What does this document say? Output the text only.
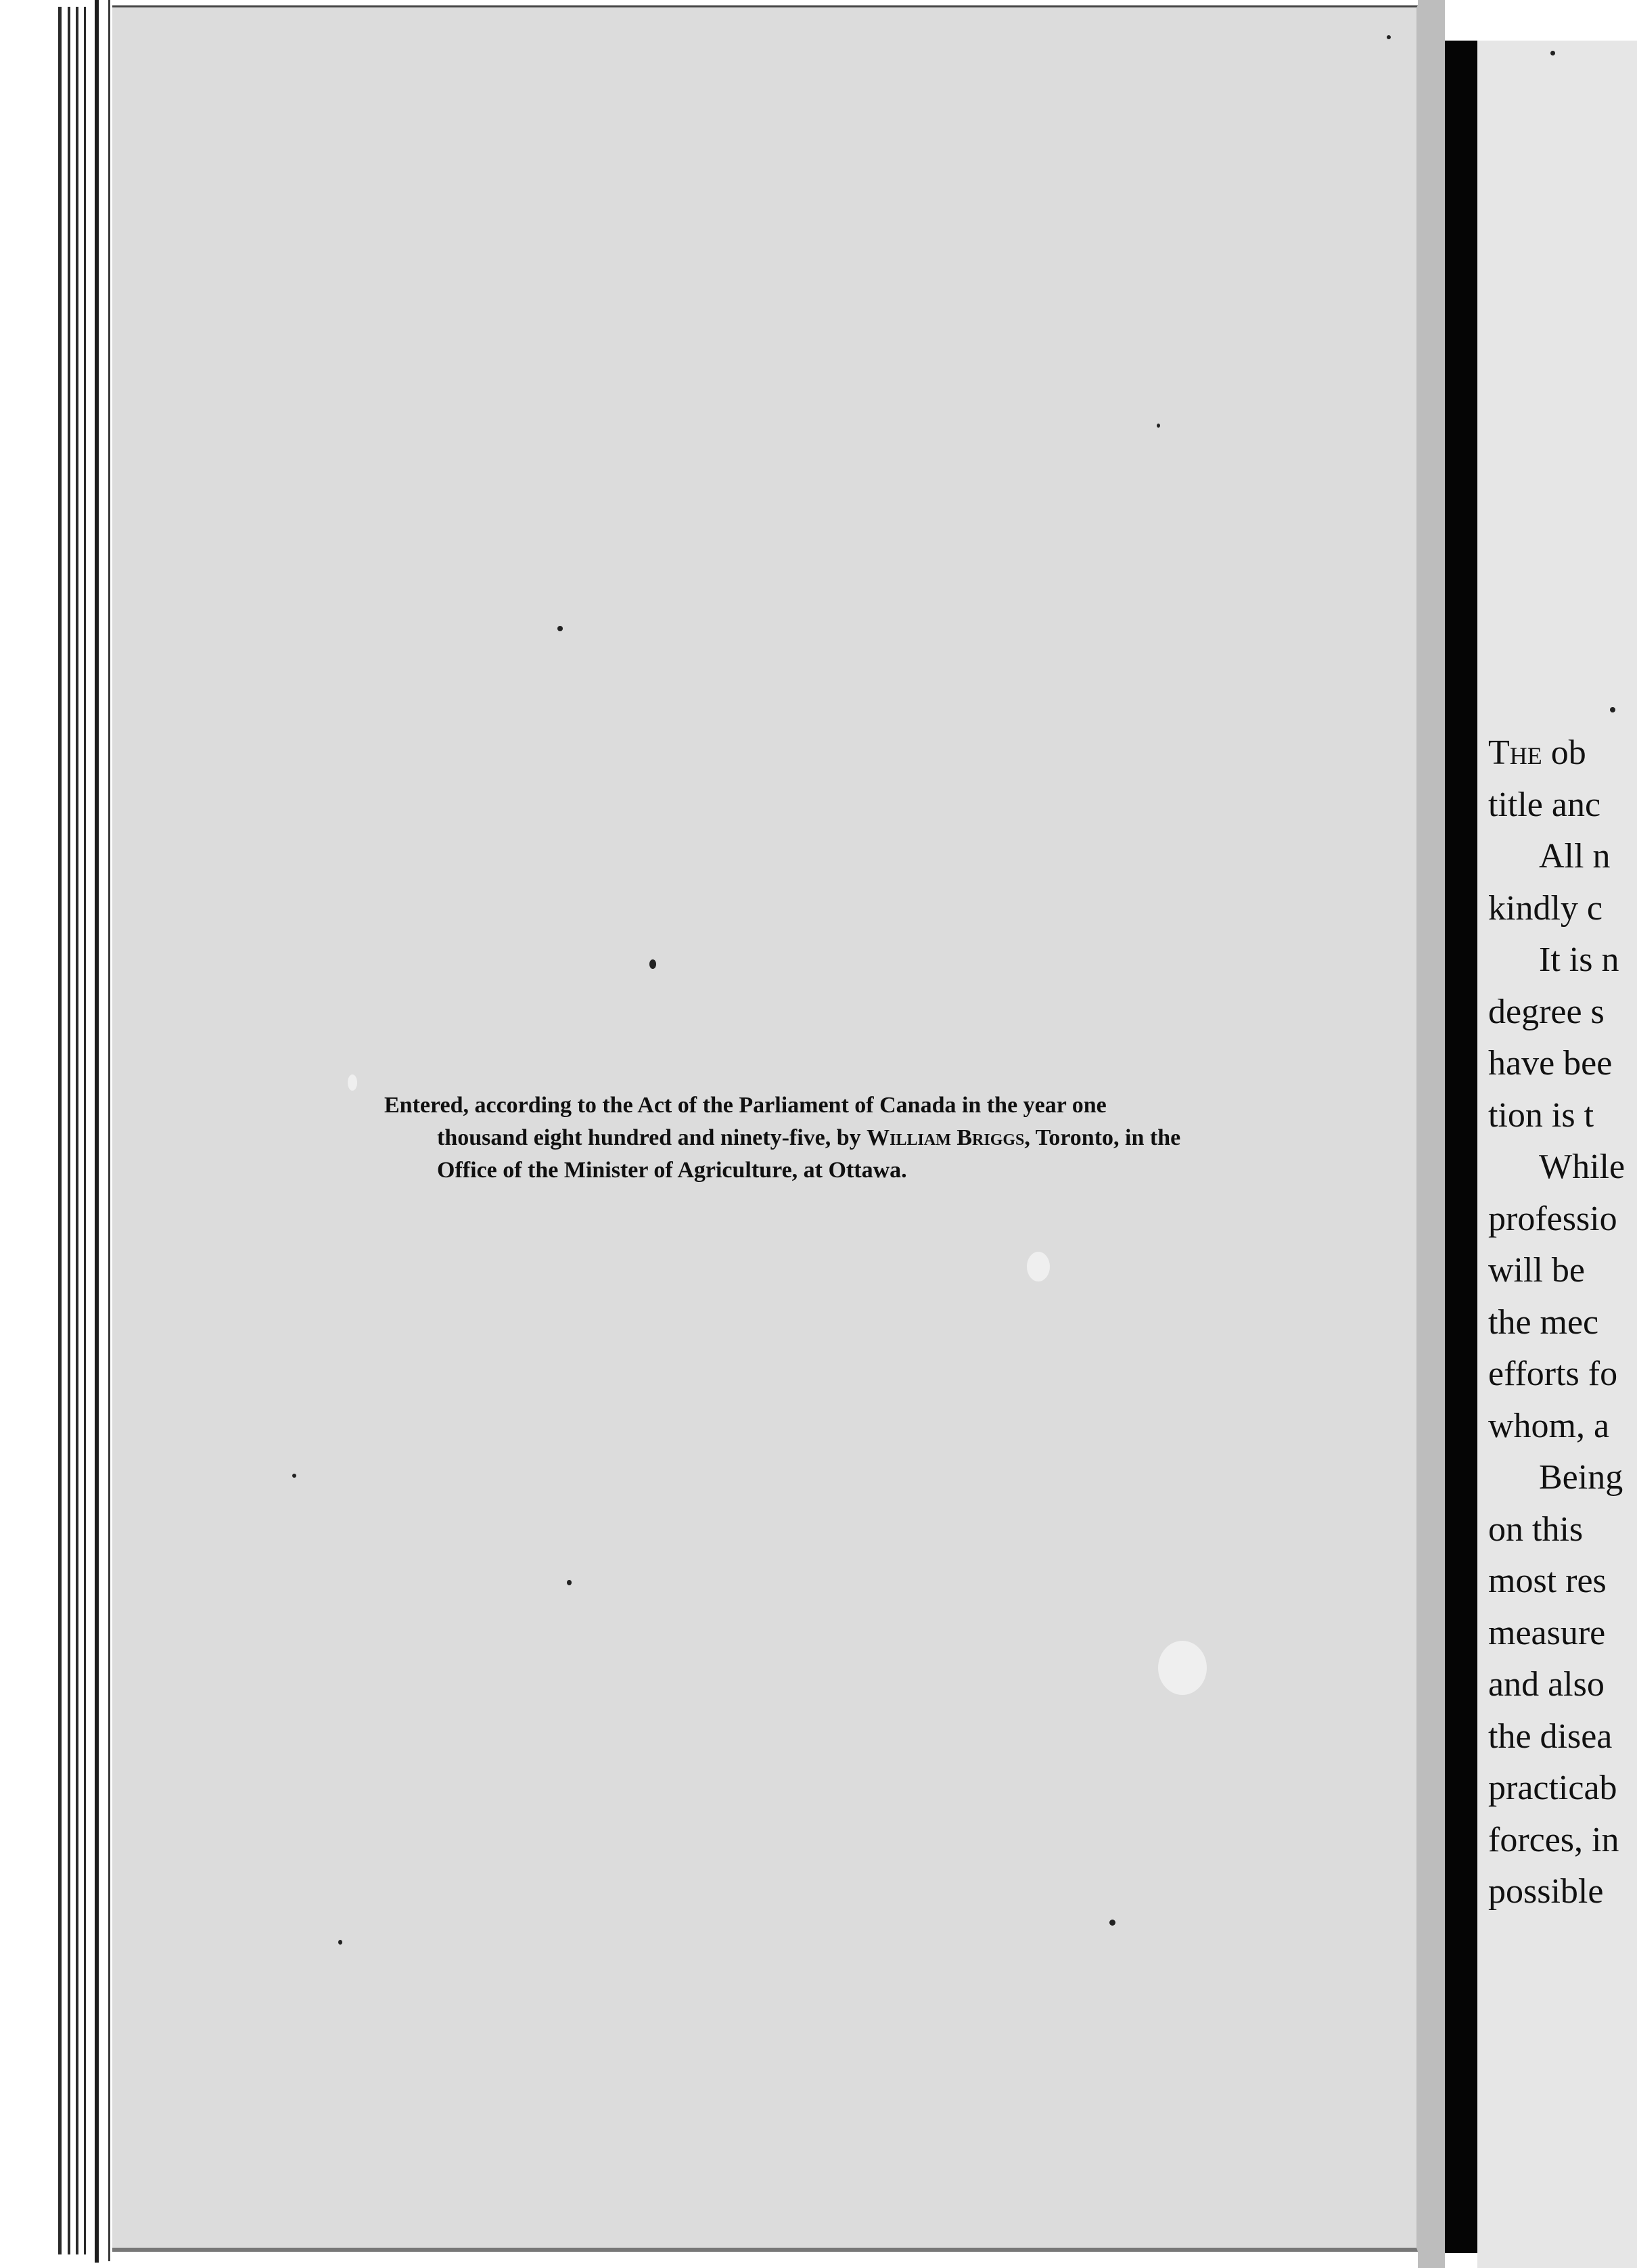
Entered, according to the Act of the Parliament of Canada in the year one
thousand eight hundred and ninety-five, by William Briggs, Toronto, in the
Office of the Minister of Agriculture, at Ottawa.
The ob
title anc
All n
kindly c
It is n
degree s
have bee
tion is t
While
professio
will be
the mec
efforts fo
whom, a
Being
on this
most res
measure
and also
the disea
practicab
forces, in
possible
